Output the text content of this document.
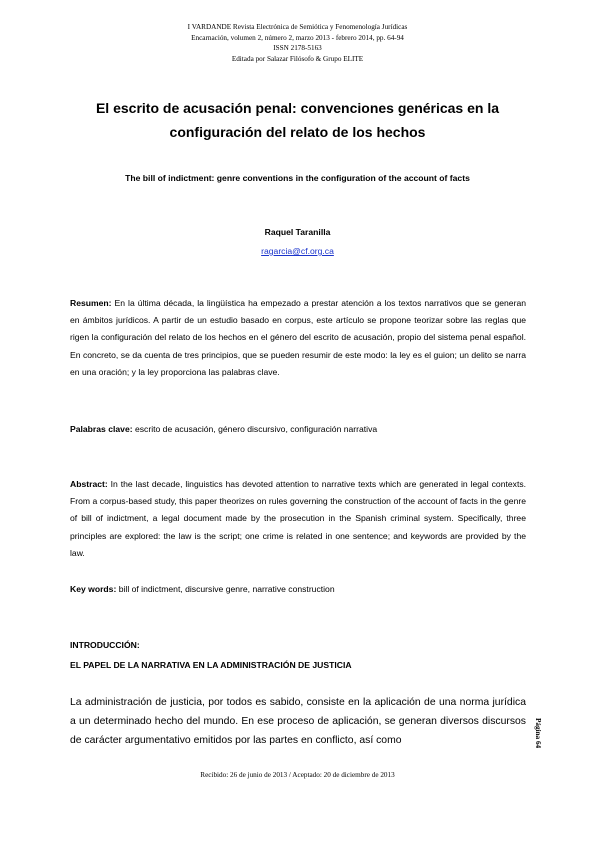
I VARDANDE Revista Electrónica de Semiótica y Fenomenología Jurídicas
Encarnación, volumen 2, número 2, marzo 2013 - febrero 2014, pp. 64-94
ISSN 2178-5163
Editada por Salazar Filósofo & Grupo ELITE
El escrito de acusación penal: convenciones genéricas en la
configuración del relato de los hechos
The bill of indictment: genre conventions in the configuration of the account of facts
Raquel Taranilla
ragarcia@cf.org.ca
Resumen: En la última década, la lingüística ha empezado a prestar atención a los textos narrativos que se generan en ámbitos jurídicos. A partir de un estudio basado en corpus, este artículo se propone teorizar sobre las reglas que rigen la configuración del relato de los hechos en el género del escrito de acusación, propio del sistema penal español. En concreto, se da cuenta de tres principios, que se pueden resumir de este modo: la ley es el guion; un delito se narra en una oración; y la ley proporciona las palabras clave.
Palabras clave: escrito de acusación, género discursivo, configuración narrativa
Abstract: In the last decade, linguistics has devoted attention to narrative texts which are generated in legal contexts. From a corpus-based study, this paper theorizes on rules governing the construction of the account of facts in the genre of bill of indictment, a legal document made by the prosecution in the Spanish criminal system. Specifically, three principles are explored: the law is the script; one crime is related in one sentence; and keywords are provided by the law.
Key words: bill of indictment, discursive genre, narrative construction
INTRODUCCIÓN:
EL PAPEL DE LA NARRATIVA EN LA ADMINISTRACIÓN DE JUSTICIA
La administración de justicia, por todos es sabido, consiste en la aplicación de una norma jurídica a un determinado hecho del mundo. En ese proceso de aplicación, se generan diversos discursos de carácter argumentativo emitidos por las partes en conflicto, así como	Página 64
Recibido: 26 de junio de 2013 / Aceptado: 20 de diciembre de 2013
